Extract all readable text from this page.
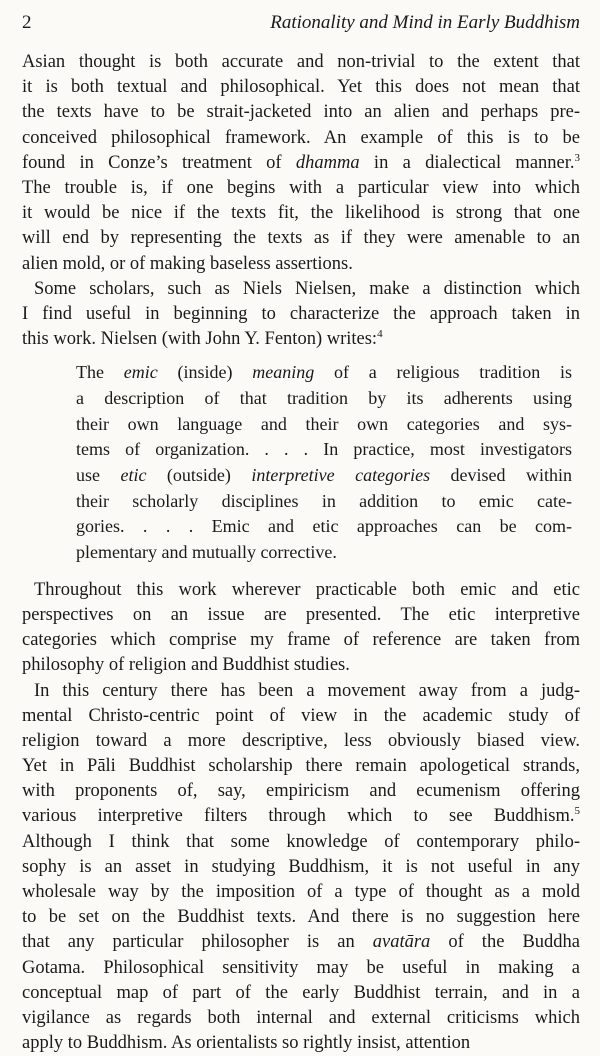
2	Rationality and Mind in Early Buddhism
Asian thought is both accurate and non-trivial to the extent that
it is both textual and philosophical. Yet this does not mean that
the texts have to be strait-jacketed into an alien and perhaps pre-
conceived philosophical framework. An example of this is to be
found in Conze’s treatment of dhamma in a dialectical manner.$^3$
The trouble is, if one begins with a particular view into which
it would be nice if the texts fit, the likelihood is strong that one
will end by representing the texts as if they were amenable to an
alien mold, or of making baseless assertions.
Some scholars, such as Niels Nielsen, make a distinction which
I find useful in beginning to characterize the approach taken in
this work. Nielsen (with John Y. Fenton) writes:$^4$
The emic (inside) meaning of a religious tradition is
a description of that tradition by its adherents using
their own language and their own categories and sys-
tems of organization. . . . In practice, most investigators
use etic (outside) interpretive categories devised within
their scholarly disciplines in addition to emic cate-
gories. . . . Emic and etic approaches can be com-
plementary and mutually corrective.
Throughout this work wherever practicable both emic and etic
perspectives on an issue are presented. The etic interpretive
categories which comprise my frame of reference are taken from
philosophy of religion and Buddhist studies.
In this century there has been a movement away from a judg-
mental Christo-centric point of view in the academic study of
religion toward a more descriptive, less obviously biased view.
Yet in Pāli Buddhist scholarship there remain apologetical strands,
with proponents of, say, empiricism and ecumenism offering
various interpretive filters through which to see Buddhism.$^5$
Although I think that some knowledge of contemporary philo-
sophy is an asset in studying Buddhism, it is not useful in any
wholesale way by the imposition of a type of thought as a mold
to be set on the Buddhist texts. And there is no suggestion here
that any particular philosopher is an avatāra of the Buddha
Gotama. Philosophical sensitivity may be useful in making a
conceptual map of part of the early Buddhist terrain, and in a
vigilance as regards both internal and external criticisms which
apply to Buddhism. As orientalists so rightly insist, attention
